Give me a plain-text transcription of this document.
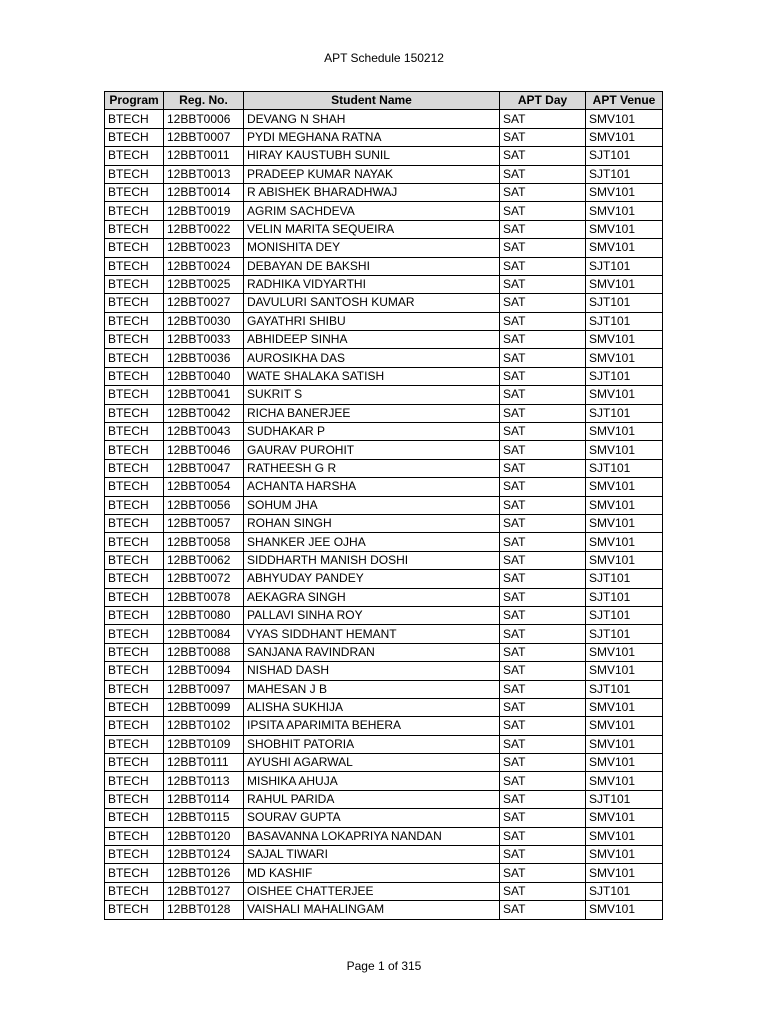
APT Schedule 150212
Program	Reg. No.	Student Name	APT Day	APT Venue
BTECH	12BBT0006	DEVANG N SHAH	SAT	SMV101
BTECH	12BBT0007	PYDI MEGHANA RATNA	SAT	SMV101
BTECH	12BBT0011	HIRAY KAUSTUBH SUNIL	SAT	SJT101
BTECH	12BBT0013	PRADEEP KUMAR NAYAK	SAT	SJT101
BTECH	12BBT0014	R ABISHEK BHARADHWAJ	SAT	SMV101
BTECH	12BBT0019	AGRIM SACHDEVA	SAT	SMV101
BTECH	12BBT0022	VELIN MARITA SEQUEIRA	SAT	SMV101
BTECH	12BBT0023	MONISHITA DEY	SAT	SMV101
BTECH	12BBT0024	DEBAYAN DE BAKSHI	SAT	SJT101
BTECH	12BBT0025	RADHIKA VIDYARTHI	SAT	SMV101
BTECH	12BBT0027	DAVULURI SANTOSH KUMAR	SAT	SJT101
BTECH	12BBT0030	GAYATHRI SHIBU	SAT	SJT101
BTECH	12BBT0033	ABHIDEEP SINHA	SAT	SMV101
BTECH	12BBT0036	AUROSIKHA DAS	SAT	SMV101
BTECH	12BBT0040	WATE SHALAKA SATISH	SAT	SJT101
BTECH	12BBT0041	SUKRIT S	SAT	SMV101
BTECH	12BBT0042	RICHA BANERJEE	SAT	SJT101
BTECH	12BBT0043	SUDHAKAR P	SAT	SMV101
BTECH	12BBT0046	GAURAV PUROHIT	SAT	SMV101
BTECH	12BBT0047	RATHEESH G R	SAT	SJT101
BTECH	12BBT0054	ACHANTA HARSHA	SAT	SMV101
BTECH	12BBT0056	SOHUM JHA	SAT	SMV101
BTECH	12BBT0057	ROHAN SINGH	SAT	SMV101
BTECH	12BBT0058	SHANKER JEE OJHA	SAT	SMV101
BTECH	12BBT0062	SIDDHARTH MANISH DOSHI	SAT	SMV101
BTECH	12BBT0072	ABHYUDAY PANDEY	SAT	SJT101
BTECH	12BBT0078	AEKAGRA SINGH	SAT	SJT101
BTECH	12BBT0080	PALLAVI SINHA ROY	SAT	SJT101
BTECH	12BBT0084	VYAS SIDDHANT HEMANT	SAT	SJT101
BTECH	12BBT0088	SANJANA RAVINDRAN	SAT	SMV101
BTECH	12BBT0094	NISHAD DASH	SAT	SMV101
BTECH	12BBT0097	MAHESAN J B	SAT	SJT101
BTECH	12BBT0099	ALISHA SUKHIJA	SAT	SMV101
BTECH	12BBT0102	IPSITA APARIMITA BEHERA	SAT	SMV101
BTECH	12BBT0109	SHOBHIT PATORIA	SAT	SMV101
BTECH	12BBT0111	AYUSHI AGARWAL	SAT	SMV101
BTECH	12BBT0113	MISHIKA AHUJA	SAT	SMV101
BTECH	12BBT0114	RAHUL PARIDA	SAT	SJT101
BTECH	12BBT0115	SOURAV GUPTA	SAT	SMV101
BTECH	12BBT0120	BASAVANNA LOKAPRIYA NANDAN	SAT	SMV101
BTECH	12BBT0124	SAJAL TIWARI	SAT	SMV101
BTECH	12BBT0126	MD KASHIF	SAT	SMV101
BTECH	12BBT0127	OISHEE CHATTERJEE	SAT	SJT101
BTECH	12BBT0128	VAISHALI MAHALINGAM	SAT	SMV101
Page 1 of 315
